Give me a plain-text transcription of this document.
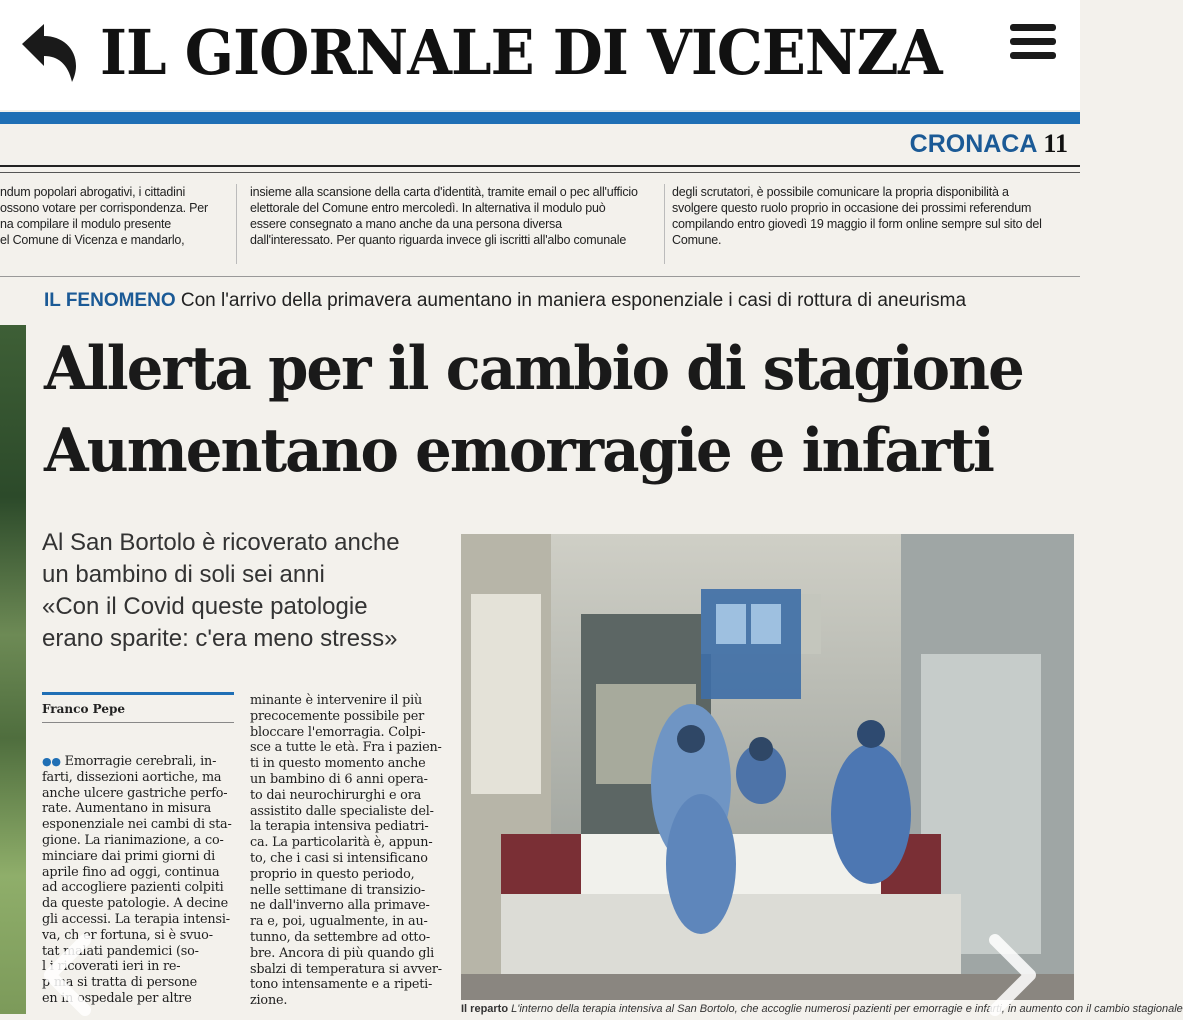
IL GIORNALE DI VICENZA
CRONACA 11
ndum popolari abrogativi, i cittadini
ossono votare per corrispondenza. Per
na compilare il modulo presente
el Comune di Vicenza e mandarlo,
insieme alla scansione della carta d'identità, tramite email o pec all'ufficio
elettorale del Comune entro mercoledì. In alternativa il modulo può
essere consegnato a mano anche da una persona diversa
dall'interessato. Per quanto riguarda invece gli iscritti all'albo comunale
degli scrutatori, è possibile comunicare la propria disponibilità a
svolgere questo ruolo proprio in occasione dei prossimi referendum
compilando entro giovedì 19 maggio il form online sempre sul sito del
Comune.
IL FENOMENO Con l'arrivo della primavera aumentano in maniera esponenziale i casi di rottura di aneurisma
Allerta per il cambio di stagione
Aumentano emorragie e infarti
Al San Bortolo è ricoverato anche
un bambino di soli sei anni
«Con il Covid queste patologie
erano sparite: c'era meno stress»
Franco Pepe
●● Emorragie cerebrali, in-
farti, dissezioni aortiche, ma
anche ulcere gastriche perfo-
rate. Aumentano in misura
esponenziale nei cambi di sta-
gione. La rianimazione, a co-
minciare dai primi giorni di
aprile fino ad oggi, continua
ad accogliere pazienti colpiti
da queste patologie. A decine
gli accessi. La terapia intensi-
va, ch er fortuna, si è svuo-
tat malati pandemici (so-
l i ricoverati ieri in re-
p ma si tratta di persone
en in ospedale per altre
minante è intervenire il più
precocemente possibile per
bloccare l'emorragia. Colpi-
sce a tutte le età. Fra i pazien-
ti in questo momento anche
un bambino di 6 anni opera-
to dai neurochirurghi e ora
assistito dalle specialiste del-
la terapia intensiva pediatri-
ca. La particolarità è, appun-
to, che i casi si intensificano
proprio in questo periodo,
nelle settimane di transizio-
ne dall'inverno alla primave-
ra e, poi, ugualmente, in au-
tunno, da settembre ad otto-
bre. Ancora di più quando gli
sbalzi di temperatura si avver-
tono intensamente e a ripeti-
zione.
Il reparto L'interno della terapia intensiva al San Bortolo, che accoglie numerosi pazienti per emorragie e infarti, in aumento con il cambio stagionale
